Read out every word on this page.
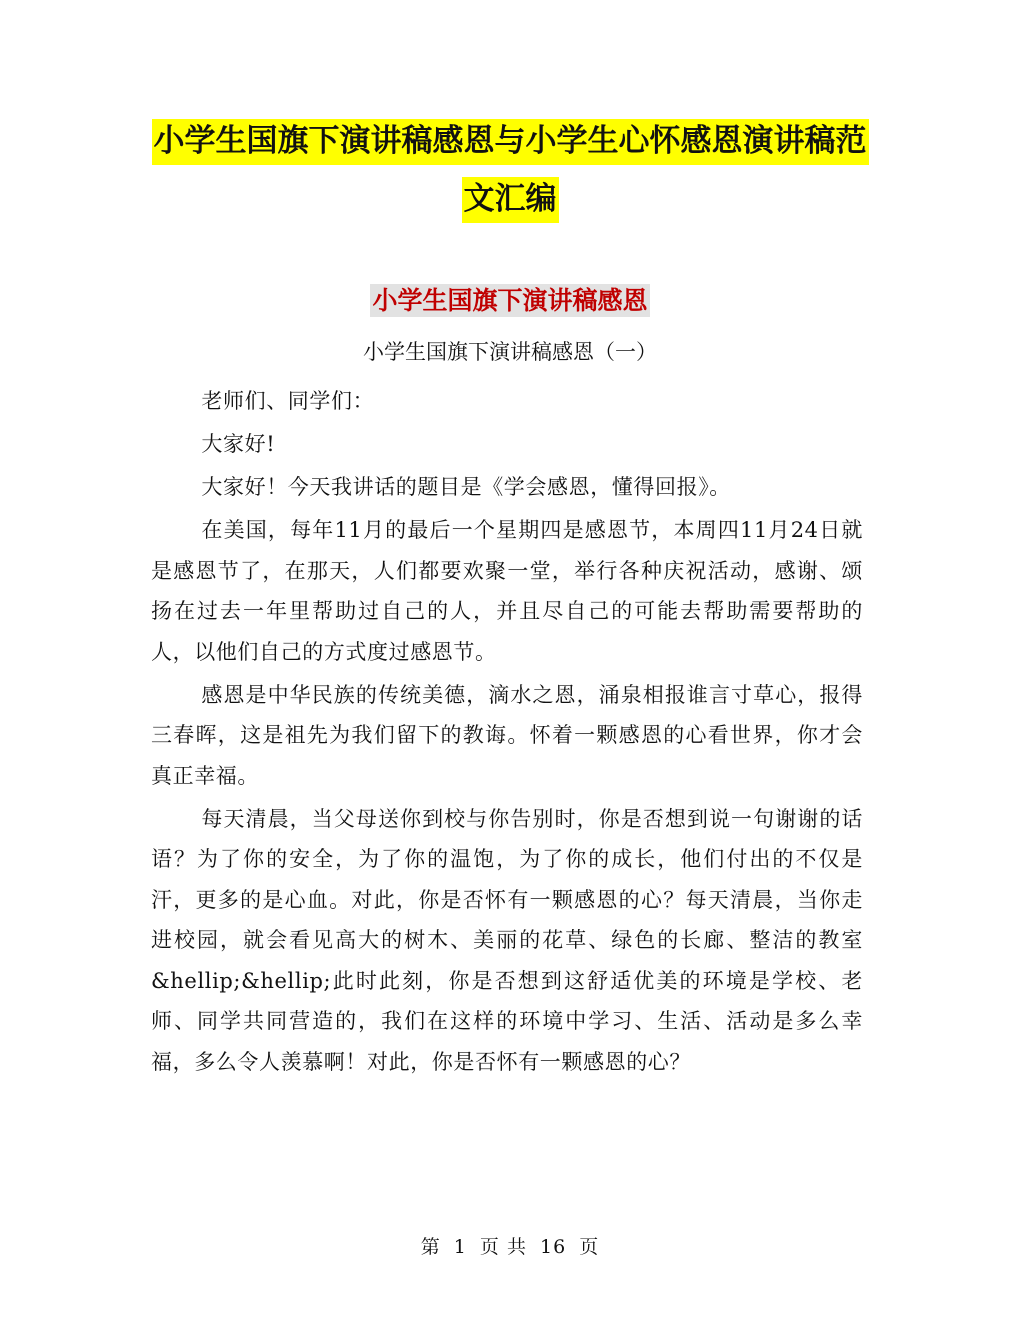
小学生国旗下演讲稿感恩与小学生心怀感恩演讲稿范
文汇编
小学生国旗下演讲稿感恩
小学生国旗下演讲稿感恩（一）

老师们、同学们：

大家好!

大家好！今天我讲话的题目是《学会感恩，懂得回报》。

在美国，每年11月的最后一个星期四是感恩节，本周四11月24日就是感恩节了，在那天，人们都要欢聚一堂，举行各种庆祝活动，感谢、颂扬在过去一年里帮助过自己的人，并且尽自己的可能去帮助需要帮助的人，以他们自己的方式度过感恩节。

感恩是中华民族的传统美德，滴水之恩，涌泉相报谁言寸草心，报得三春晖，这是祖先为我们留下的教诲。怀着一颗感恩的心看世界，你才会真正幸福。

每天清晨，当父母送你到校与你告别时，你是否想到说一句谢谢的话语？为了你的安全，为了你的温饱，为了你的成长，他们付出的不仅是汗，更多的是心血。对此，你是否怀有一颗感恩的心？每天清晨，当你走进校园，就会看见高大的树木、美丽的花草、绿色的长廊、整洁的教室&hellip;&hellip;此时此刻，你是否想到这舒适优美的环境是学校、老师、同学共同营造的，我们在这样的环境中学习、生活、活动是多么幸福，多么令人羡慕啊！对此，你是否怀有一颗感恩的心？

第 1 页 共 16 页
